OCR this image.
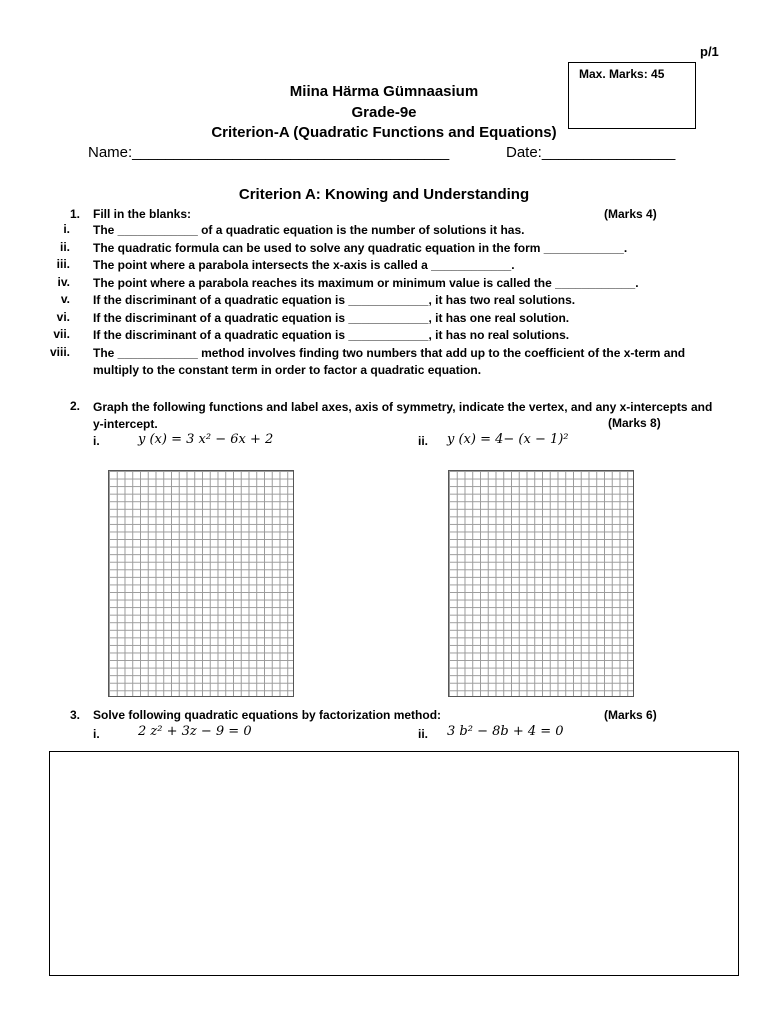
p/1
Max. Marks: 45
Miina Härma Gümnaasium
Grade-9e
Criterion-A (Quadratic Functions and Equations)
Name:______________________________________	Date:________________
Criterion A: Knowing and Understanding
1. Fill in the blanks:	(Marks 4)
i. The ____________ of a quadratic equation is the number of solutions it has.
ii. The quadratic formula can be used to solve any quadratic equation in the form ____________.
iii. The point where a parabola intersects the x-axis is called a ____________.
iv. The point where a parabola reaches its maximum or minimum value is called the ____________.
v. If the discriminant of a quadratic equation is ____________, it has two real solutions.
vi. If the discriminant of a quadratic equation is ____________, it has one real solution.
vii. If the discriminant of a quadratic equation is ____________, it has no real solutions.
viii. The ____________ method involves finding two numbers that add up to the coefficient of the x-term and multiply to the constant term in order to factor a quadratic equation.
2. Graph the following functions and label axes, axis of symmetry, indicate the vertex, and any x-intercepts and y-intercept.	(Marks 8)
i.	y (x) = 3 x² − 6x + 2	ii. y (x) = 4− (x − 1)²
3. Solve following quadratic equations by factorization method:	(Marks 6)
i.	2 z² + 3z − 9 = 0	ii. 3 b² − 8b + 4 = 0
